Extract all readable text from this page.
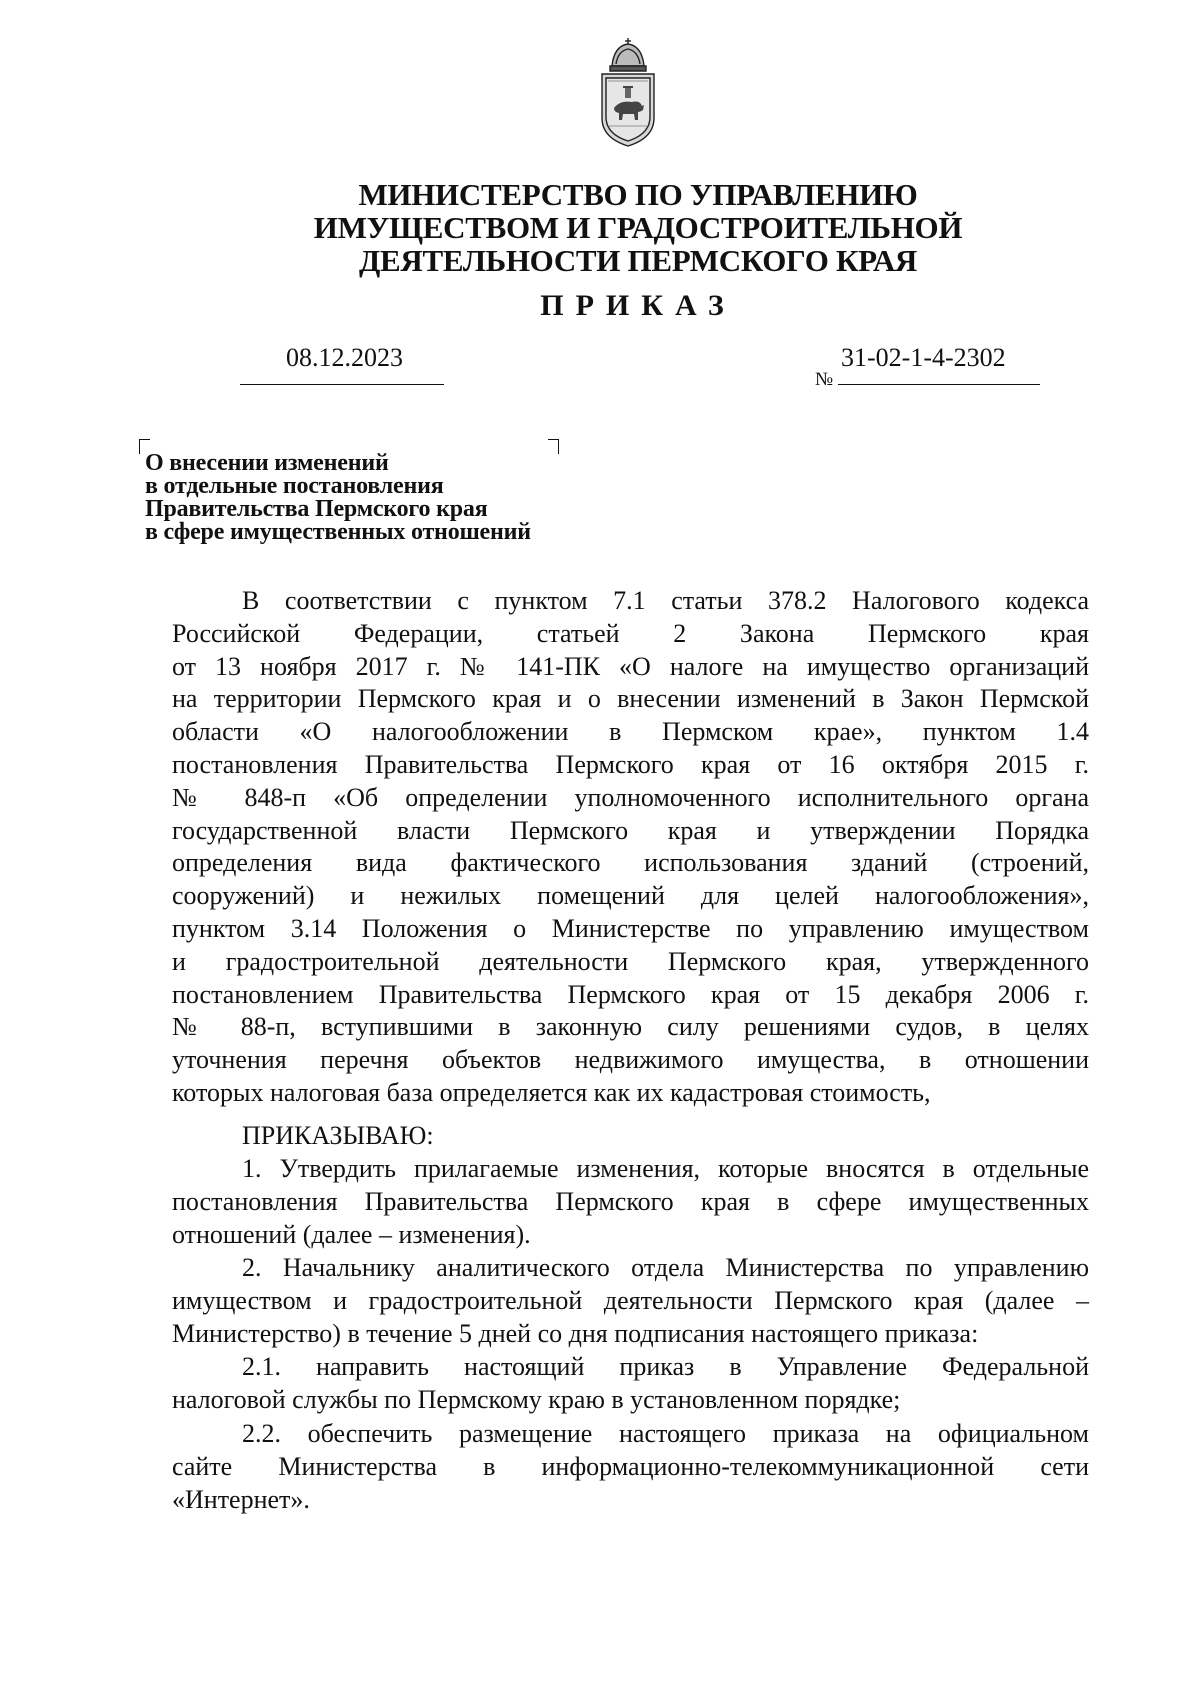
МИНИСТЕРСТВО ПО УПРАВЛЕНИЮ
ИМУЩЕСТВОМ И ГРАДОСТРОИТЕЛЬНОЙ
ДЕЯТЕЛЬНОСТИ ПЕРМСКОГО КРАЯ
ПРИКАЗ
08.12.2023
№
31-02-1-4-2302
О внесении изменений
в отдельные постановления
Правительства Пермского края
в сфере имущественных отношений
В соответствии с пунктом 7.1 статьи 378.2 Налогового кодекса
Российской Федерации, статьей 2 Закона Пермского края
от 13 ноября 2017 г. № 141-ПК «О налоге на имущество организаций
на территории Пермского края и о внесении изменений в Закон Пермской
области «О налогообложении в Пермском крае», пунктом 1.4
постановления Правительства Пермского края от 16 октября 2015 г.
№ 848-п «Об определении уполномоченного исполнительного органа
государственной власти Пермского края и утверждении Порядка
определения вида фактического использования зданий (строений,
сооружений) и нежилых помещений для целей налогообложения»,
пунктом 3.14 Положения о Министерстве по управлению имуществом
и градостроительной деятельности Пермского края, утвержденного
постановлением Правительства Пермского края от 15 декабря 2006 г.
№ 88-п, вступившими в законную силу решениями судов, в целях
уточнения перечня объектов недвижимого имущества, в отношении
которых налоговая база определяется как их кадастровая стоимость,
ПРИКАЗЫВАЮ:
1. Утвердить прилагаемые изменения, которые вносятся в отдельные
постановления Правительства Пермского края в сфере имущественных
отношений (далее – изменения).
2. Начальнику аналитического отдела Министерства по управлению
имуществом и градостроительной деятельности Пермского края (далее –
Министерство) в течение 5 дней со дня подписания настоящего приказа:
2.1. направить настоящий приказ в Управление Федеральной
налоговой службы по Пермскому краю в установленном порядке;
2.2. обеспечить размещение настоящего приказа на официальном
сайте Министерства в информационно-телекоммуникационной сети
«Интернет».
